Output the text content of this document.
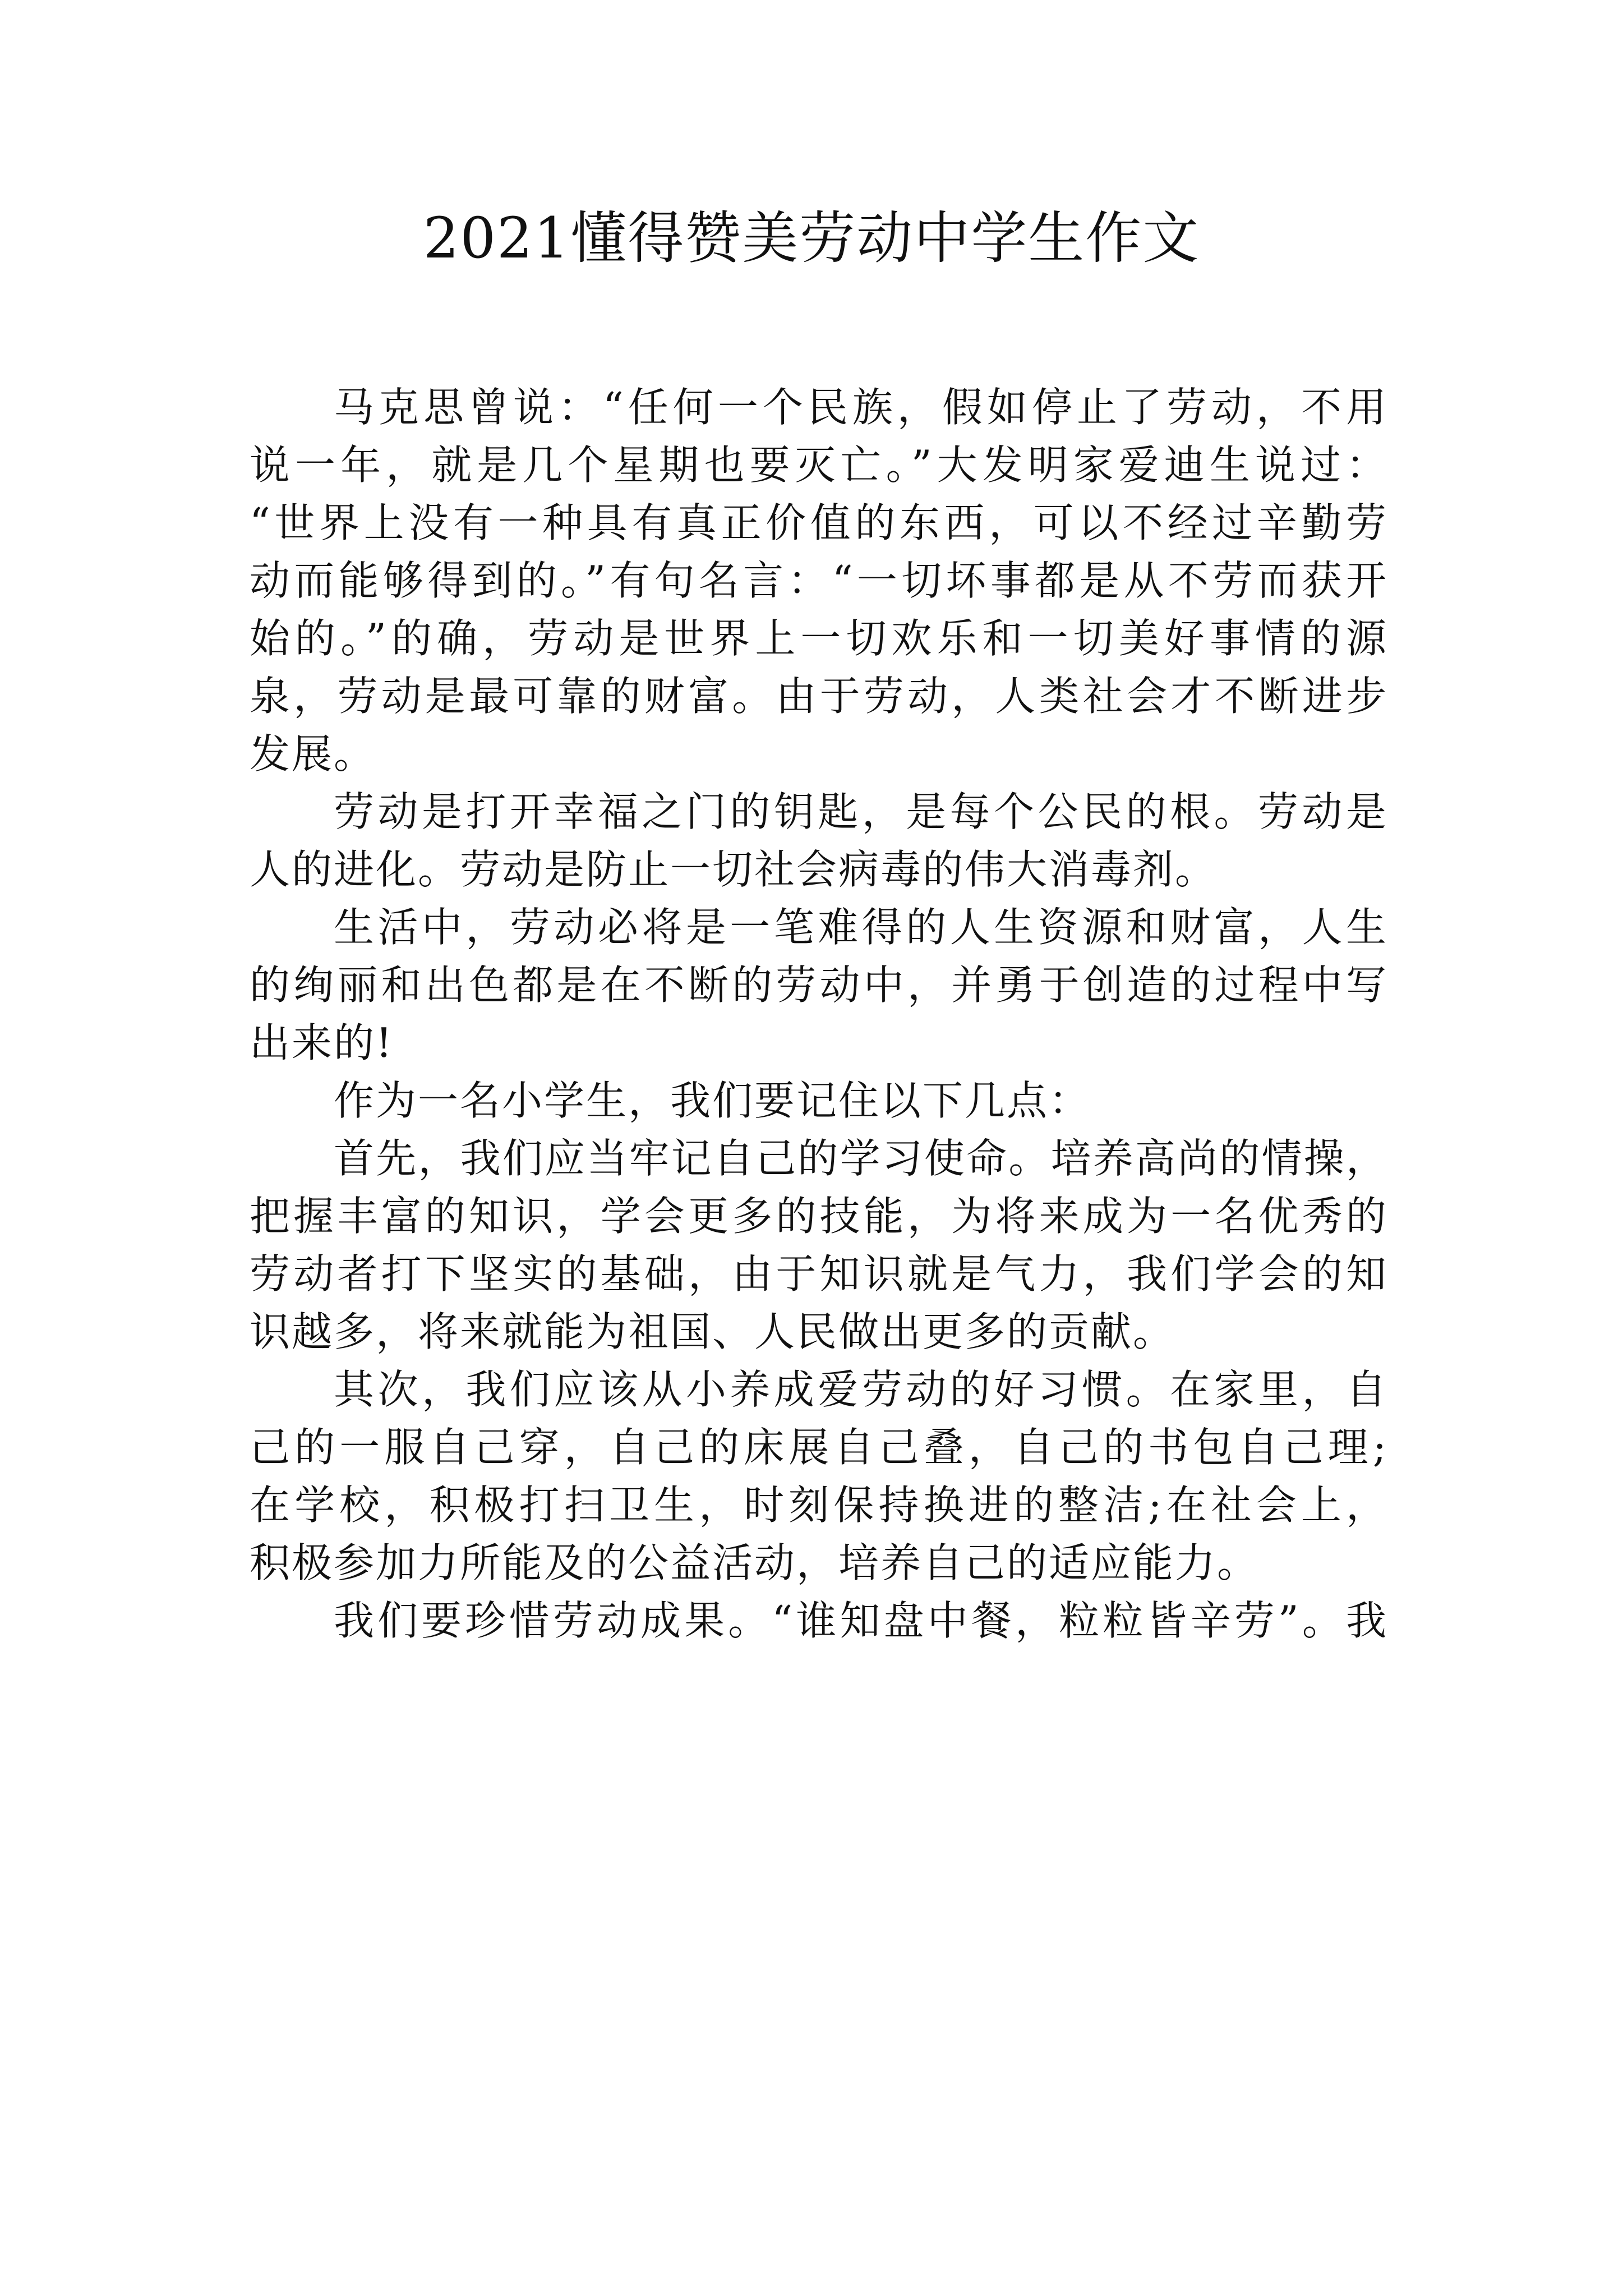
2021懂得赞美劳动中学生作文

马克思曾说：“任何一个民族，假如停止了劳动，不用
说一年，就是几个星期也要灭亡。”大发明家爱迪生说过：
“世界上没有一种具有真正价值的东西，可以不经过辛勤劳
动而能够得到的。”有句名言：“一切坏事都是从不劳而获开
始的。”的确，劳动是世界上一切欢乐和一切美好事情的源
泉，劳动是最可靠的财富。由于劳动，人类社会才不断进步
发展。

劳动是打开幸福之门的钥匙，是每个公民的根。劳动是
人的进化。劳动是防止一切社会病毒的伟大消毒剂。

生活中，劳动必将是一笔难得的人生资源和财富，人生
的绚丽和出色都是在不断的劳动中，并勇于创造的过程中写
出来的!

作为一名小学生，我们要记住以下几点：

首先，我们应当牢记自己的学习使命。培养高尚的情操，
把握丰富的知识，学会更多的技能，为将来成为一名优秀的
劳动者打下坚实的基础，由于知识就是气力，我们学会的知
识越多，将来就能为祖国、人民做出更多的贡献。

其次，我们应该从小养成爱劳动的好习惯。在家里，自
己的一服自己穿，自己的床展自己叠，自己的书包自己理;
在学校，积极打扫卫生，时刻保持换进的整洁;在社会上，
积极参加力所能及的公益活动，培养自己的适应能力。

我们要珍惜劳动成果。“谁知盘中餐，粒粒皆辛劳”。我
